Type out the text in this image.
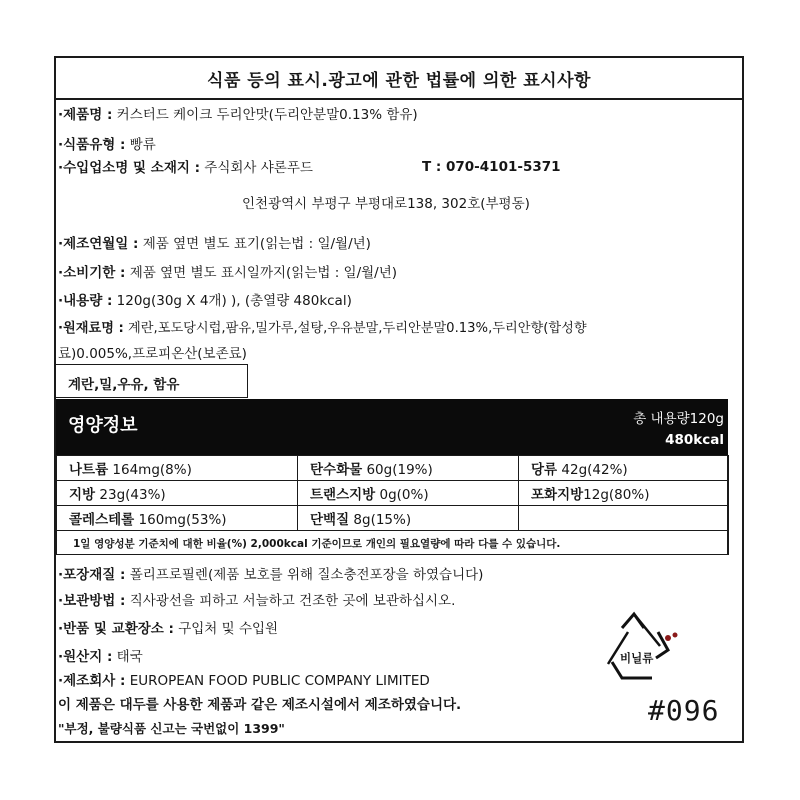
식품 등의 표시.광고에 관한 법률에 의한 표시사항
·제품명 : 커스터드 케이크 두리안맛(두리안분말0.13% 함유)
·식품유형 : 빵류
·수입업소명 및 소재지 : 주식회사 샤론푸드	T : 070-4101-5371
인천광역시 부평구 부평대로138, 302호(부평동)
·제조연월일 : 제품 옆면 별도 표기(읽는법 : 일/월/년)
·소비기한 : 제품 옆면 별도 표시일까지(읽는법 : 일/월/년)
·내용량 : 120g(30g X 4개) ), (총열량 480kcal)
·원재료명 : 계란,포도당시럽,팜유,밀가루,설탕,우유분말,두리안분말0.13%,두리안향(합성향
료)0.005%,프로피온산(보존료)
계란,밀,우유, 함유
영양정보	총 내용량120g
480kcal
나트륨 164mg(8%)	탄수화물 60g(19%)	당류 42g(42%)
지방 23g(43%)	트랜스지방 0g(0%)	포화지방12g(80%)
콜레스테롤 160mg(53%)	단백질 8g(15%)	
1일 영양성분 기준치에 대한 비율(%) 2,000kcal 기준이므로 개인의 필요열량에 따라 다를 수 있습니다.
·포장재질 : 폴리프로필렌(제품 보호를 위해 질소충전포장을 하였습니다)
·보관방법 : 직사광선을 피하고 서늘하고 건조한 곳에 보관하십시오.
·반품 및 교환장소 : 구입처 및 수입원
·원산지 : 태국
·제조회사 : EUROPEAN FOOD PUBLIC COMPANY LIMITED
이 제품은 대두를 사용한 제품과 같은 제조시설에서 제조하였습니다.
"부정, 불량식품 신고는 국번없이 1399"
비닐류
#096
